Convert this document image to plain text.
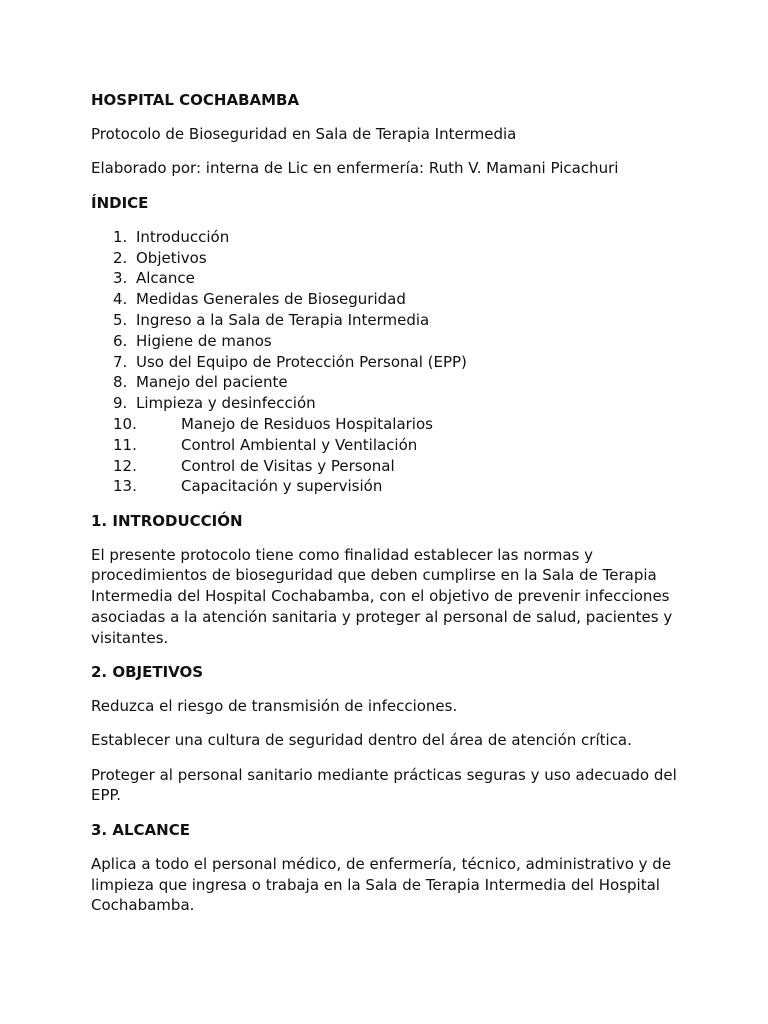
HOSPITAL COCHABAMBA

Protocolo de Bioseguridad en Sala de Terapia Intermedia

Elaborado por: interna de Lic en enfermería: Ruth V. Mamani Picachuri

ÍNDICE

1. Introducción
2. Objetivos
3. Alcance
4. Medidas Generales de Bioseguridad
5. Ingreso a la Sala de Terapia Intermedia
6. Higiene de manos
7. Uso del Equipo de Protección Personal (EPP)
8. Manejo del paciente
9. Limpieza y desinfección
10.	Manejo de Residuos Hospitalarios
11.	Control Ambiental y Ventilación
12.	Control de Visitas y Personal
13.	Capacitación y supervisión

1. INTRODUCCIÓN

El presente protocolo tiene como finalidad establecer las normas y procedimientos de bioseguridad que deben cumplirse en la Sala de Terapia Intermedia del Hospital Cochabamba, con el objetivo de prevenir infecciones asociadas a la atención sanitaria y proteger al personal de salud, pacientes y visitantes.

2. OBJETIVOS

Reduzca el riesgo de transmisión de infecciones.

Establecer una cultura de seguridad dentro del área de atención crítica.

Proteger al personal sanitario mediante prácticas seguras y uso adecuado del EPP.

3. ALCANCE

Aplica a todo el personal médico, de enfermería, técnico, administrativo y de limpieza que ingresa o trabaja en la Sala de Terapia Intermedia del Hospital Cochabamba.
